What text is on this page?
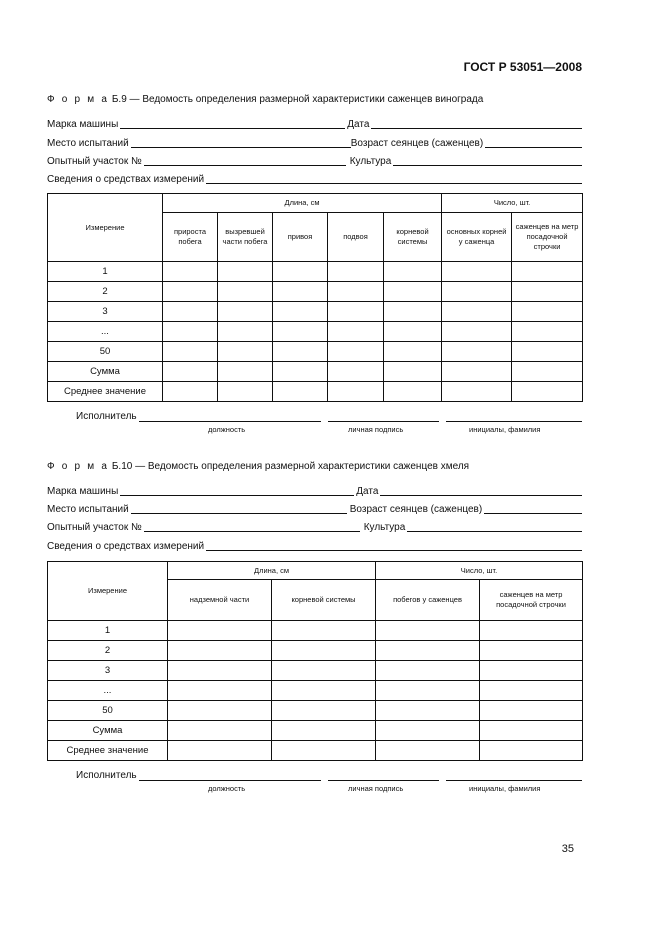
ГОСТ Р 53051—2008
Ф о р м а Б.9 — Ведомость определения размерной характеристики саженцев винограда
Марка машины	Дата
Место испытаний	Возраст сеянцев (саженцев)
Опытный участок №	Культура
Сведения о средствах измерений
Измерение	Длина, см					Число, шт.	
	прироста побега	вызревшей части побега	привоя	подвоя	корневой системы	основных корней у саженца	саженцев на метр посадочной строчки
1							
2							
3							
...							
50							
Сумма							
Среднее значение							
Исполнитель
должность	личная подпись	инициалы, фамилия
Ф о р м а Б.10 — Ведомость определения размерной характеристики саженцев хмеля
Марка машины	Дата
Место испытаний	Возраст сеянцев (саженцев)
Опытный участок №	Культура
Сведения о средствах измерений
Измерение	Длина, см		Число, шт.	
	надземной части	корневой системы	побегов у саженцев	саженцев на метр посадочной строчки
1				
2				
3				
...				
50				
Сумма				
Среднее значение				
Исполнитель
должность	личная подпись	инициалы, фамилия
35
